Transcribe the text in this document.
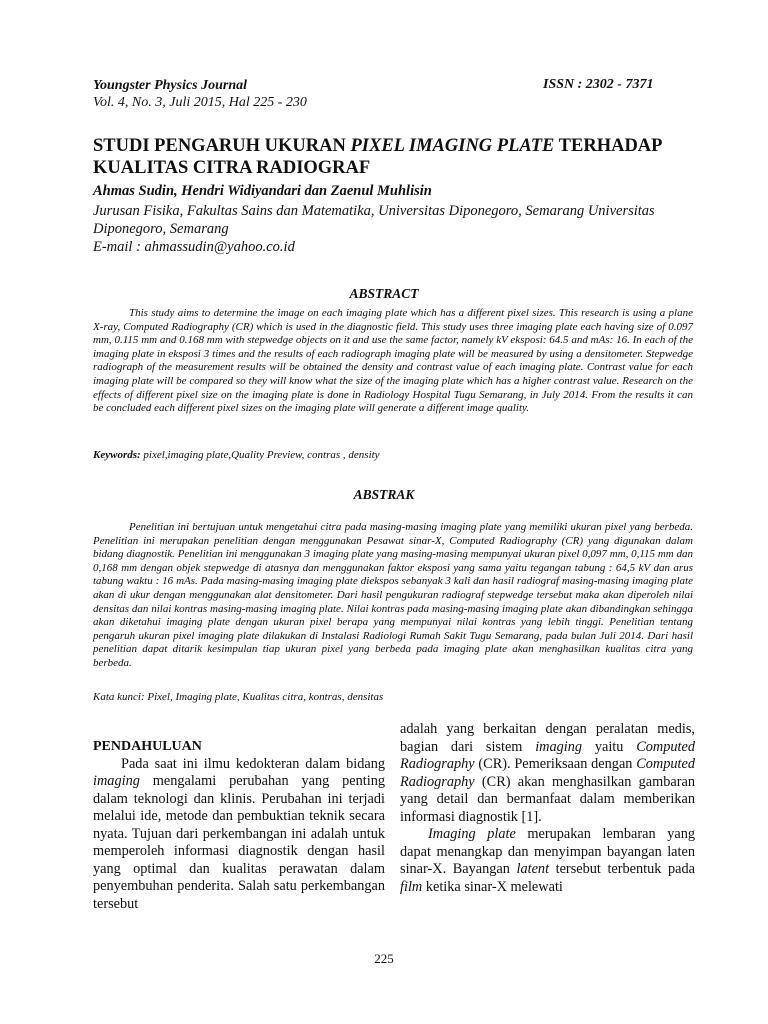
Youngster Physics Journal
Vol. 4, No. 3, Juli 2015, Hal 225 - 230
ISSN : 2302 - 7371
STUDI PENGARUH UKURAN PIXEL IMAGING PLATE TERHADAP KUALITAS CITRA RADIOGRAF
Ahmas Sudin, Hendri Widiyandari dan Zaenul Muhlisin
Jurusan Fisika, Fakultas Sains dan Matematika, Universitas Diponegoro, Semarang Universitas Diponegoro, Semarang
E-mail : ahmassudin@yahoo.co.id
ABSTRACT
This study aims to determine the image on each imaging plate which has a different pixel sizes. This research is using a plane X-ray, Computed Radiography (CR) which is used in the diagnostic field. This study uses three imaging plate each having size of 0.097 mm, 0.115 mm and 0.168 mm with stepwedge objects on it and use the same factor, namely kV eksposi: 64.5 and mAs: 16. In each of the imaging plate in eksposi 3 times and the results of each radiograph imaging plate will be measured by using a densitometer. Stepwedge radiograph of the measurement results will be obtained the density and contrast value of each imaging plate. Contrast value for each imaging plate will be compared so they will know what the size of the imaging plate which has a higher contrast value. Research on the effects of different pixel size on the imaging plate is done in Radiology Hospital Tugu Semarang, in July 2014. From the results it can be concluded each different pixel sizes on the imaging plate will generate a different image quality.
Keywords: pixel,imaging plate,Quality Preview, contras , density
ABSTRAK
Penelitian ini bertujuan untuk mengetahui citra pada masing-masing imaging plate yang memiliki ukuran pixel yang berbeda. Penelitian ini merupakan penelitian dengan menggunakan Pesawat sinar-X, Computed Radiography (CR) yang digunakan dalam bidang diagnostik. Penelitian ini menggunakan 3 imaging plate yang masing-masing mempunyai ukuran pixel 0,097 mm, 0,115 mm dan 0,168 mm dengan objek stepwedge di atasnya dan menggunakan faktor eksposi yang sama yaitu tegangan tabung : 64,5 kV dan arus tabung waktu : 16 mAs. Pada masing-masing imaging plate diekspos sebanyak 3 kali dan hasil radiograf masing-masing imaging plate akan di ukur dengan menggunakan alat densitometer. Dari hasil pengukuran radiograf stepwedge tersebut maka akan diperoleh nilai densitas dan nilai kontras masing-masing imaging plate. Nilai kontras pada masing-masing imaging plate akan dibandingkan sehingga akan diketahui imaging plate dengan ukuran pixel berapa yang mempunyai nilai kontras yang lebih tinggi. Penelitian tentang pengaruh ukuran pixel imaging plate dilakukan di Instalasi Radiologi Rumah Sakit Tugu Semarang, pada bulan Juli 2014. Dari hasil penelitian dapat ditarik kesimpulan tiap ukuran pixel yang berbeda pada imaging plate akan menghasilkan kualitas citra yang berbeda.
Kata kunci: Pixel, Imaging plate, Kualitas citra, kontras, densitas
PENDAHULUAN

Pada saat ini ilmu kedokteran dalam bidang imaging mengalami perubahan yang penting dalam teknologi dan klinis. Perubahan ini terjadi melalui ide, metode dan pembuktian teknik secara nyata. Tujuan dari perkembangan ini adalah untuk memperoleh informasi diagnostik dengan hasil yang optimal dan kualitas perawatan dalam penyembuhan penderita. Salah satu perkembangan tersebut

adalah yang berkaitan dengan peralatan medis, bagian dari sistem imaging yaitu Computed Radiography (CR). Pemeriksaan dengan Computed Radiography (CR) akan menghasilkan gambaran yang detail dan bermanfaat dalam memberikan informasi diagnostik [1].

Imaging plate merupakan lembaran yang dapat menangkap dan menyimpan bayangan laten sinar-X. Bayangan latent tersebut terbentuk pada film ketika sinar-X melewati

225
